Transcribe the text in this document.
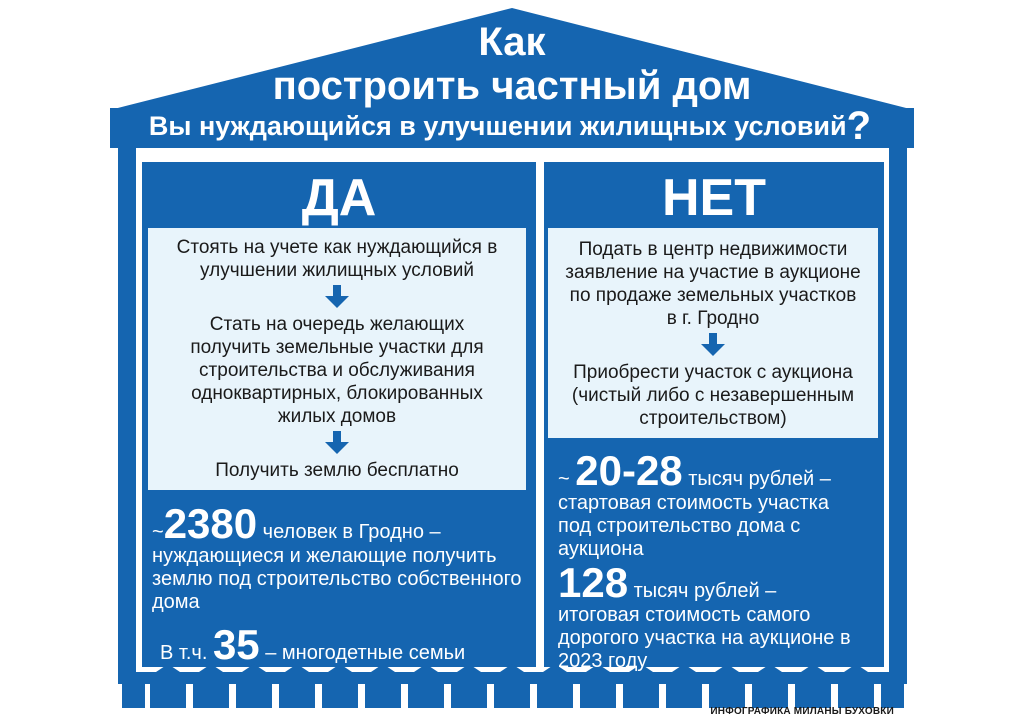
Как
построить частный дом
Вы нуждающийся в улучшении жилищных условий?
ДА	НЕТ

Стоять на учете как нуждающийся в улучшении жилищных условий

Стать на очередь желающих получить земельные участки для строительства и обслуживания одноквартирных, блокированных жилых домов

Получить землю бесплатно

Подать в центр недвижимости заявление на участие в аукционе по продаже земельных участков в г. Гродно

Приобрести участок с аукциона (чистый либо с незавершенным строительством)

~2380 человек в Гродно –

нуждающиеся и желающие получить землю под строительство собственного дома

В т.ч. 35 – многодетные семьи

~ 20-28 тысяч рублей –

стартовая стоимость участка под строительство дома с аукциона

128 тысяч рублей –

итоговая стоимость самого дорогого участка на аукционе в 2023 году

ИНФОГРАФИКА МИЛАНЫ БУХОВКИ
